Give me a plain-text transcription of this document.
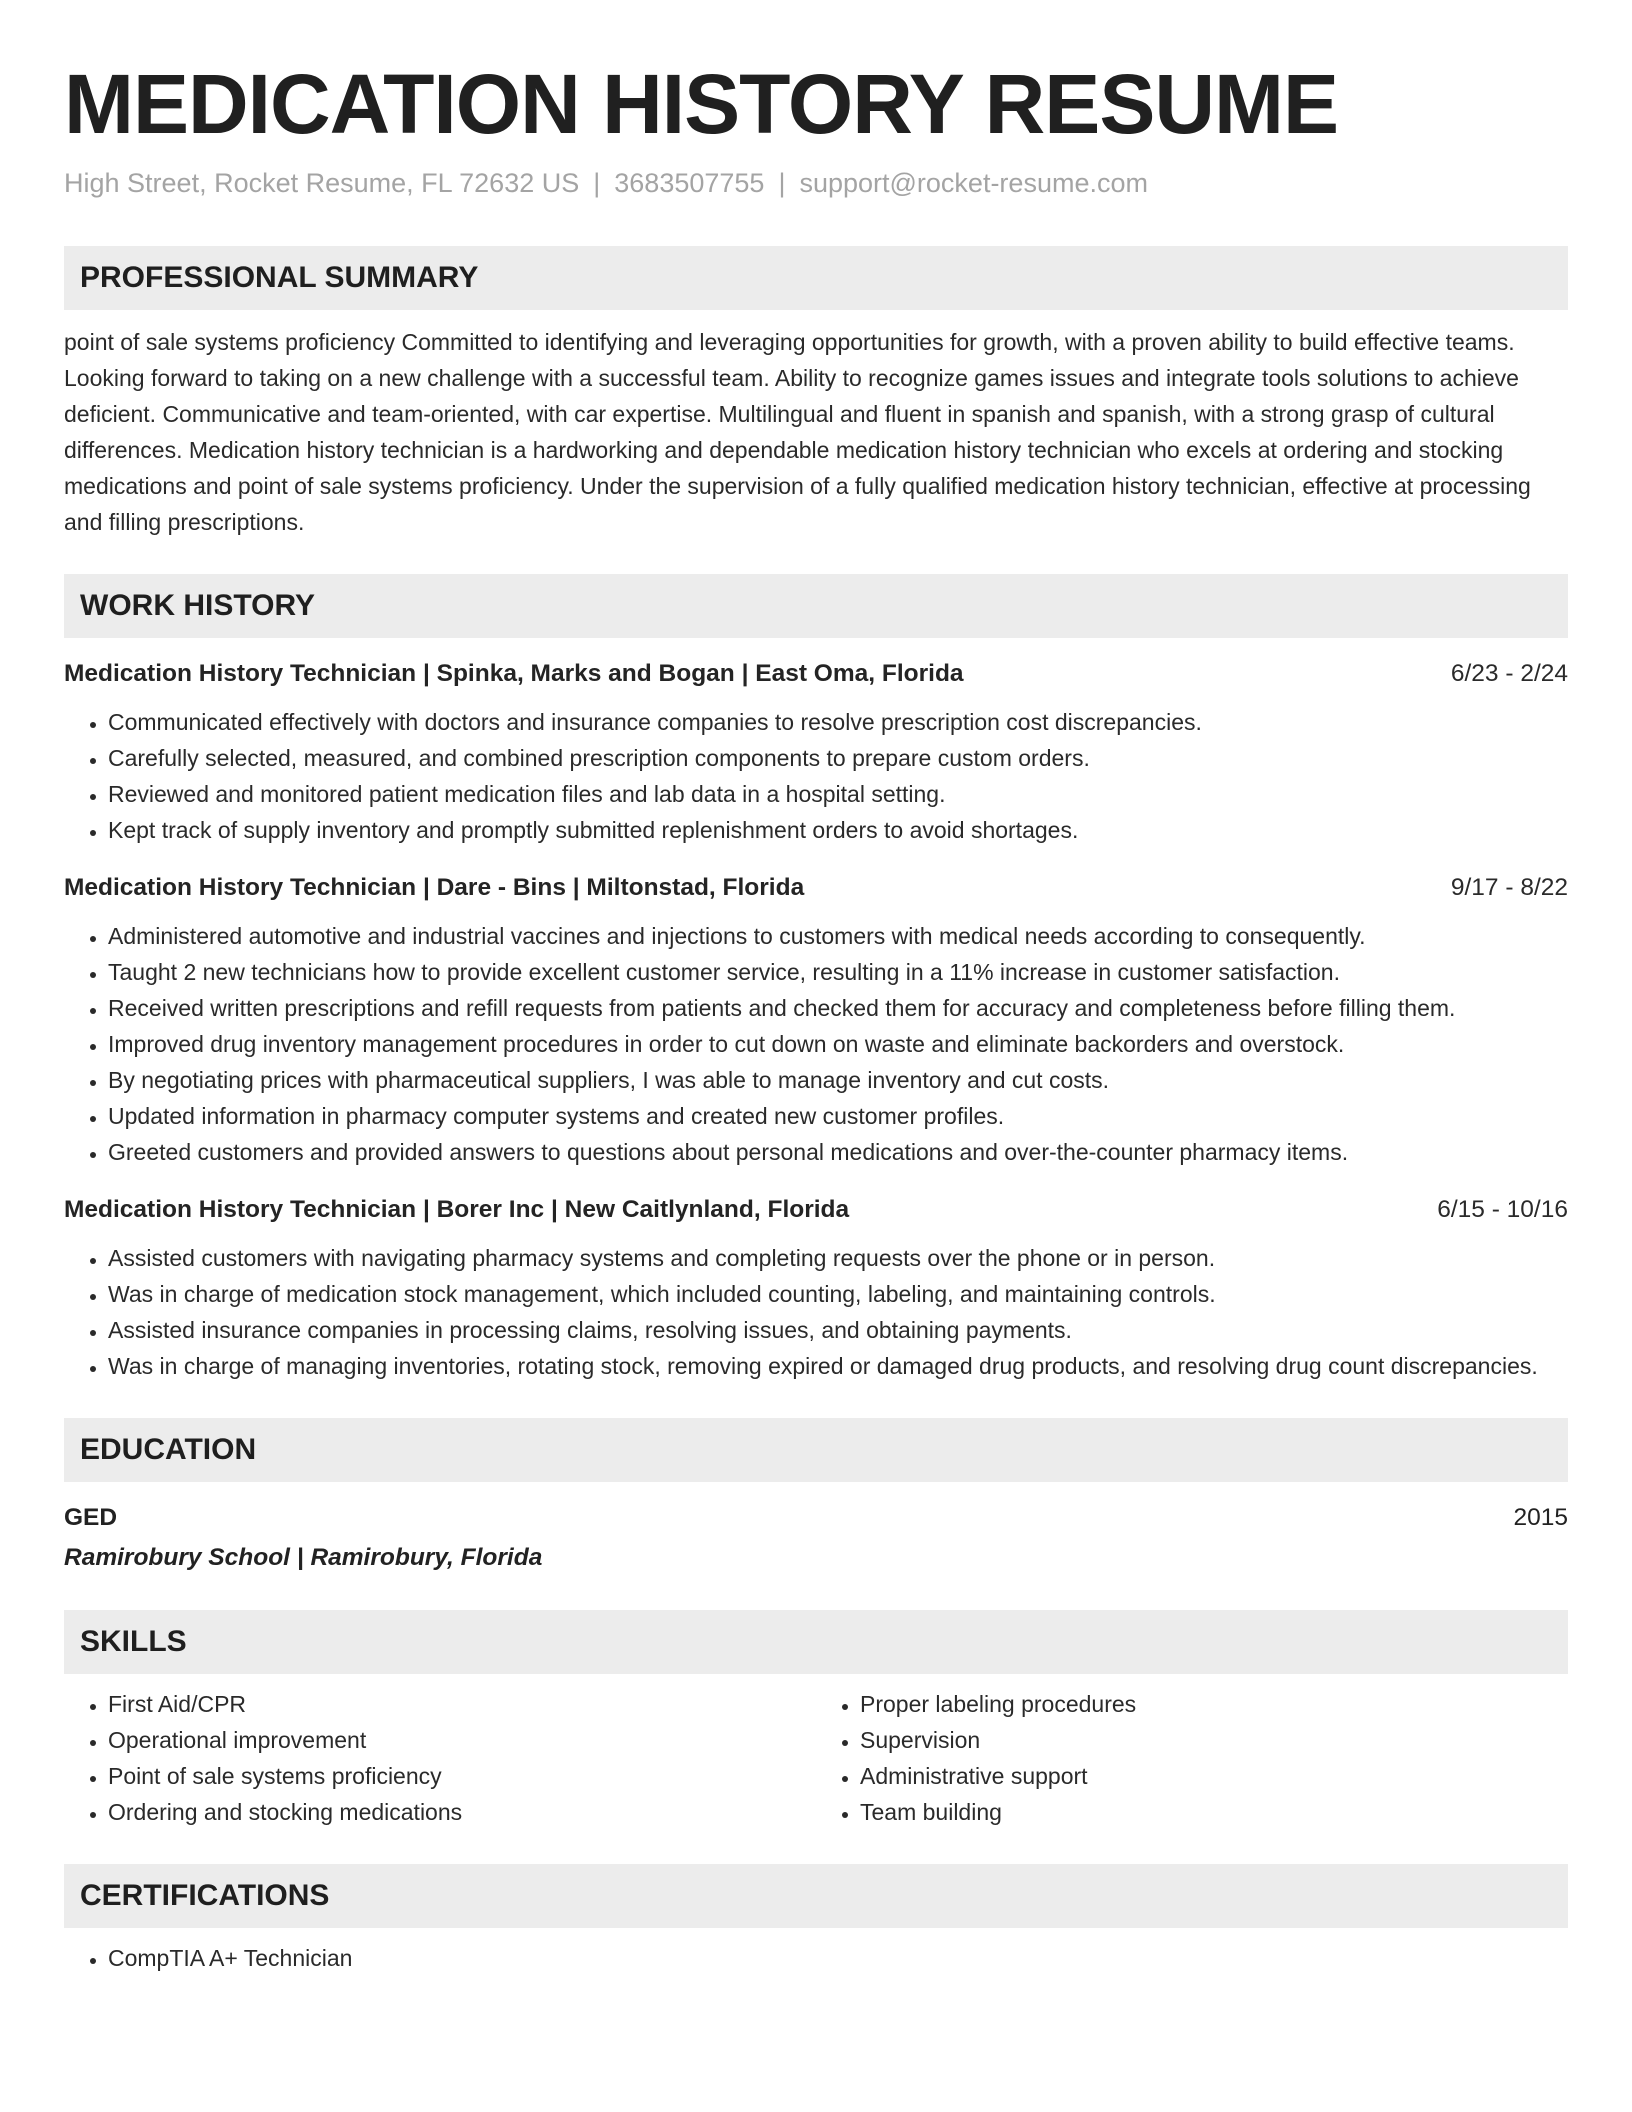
MEDICATION HISTORY RESUME
High Street, Rocket Resume, FL 72632 US | 3683507755 | support@rocket-resume.com
PROFESSIONAL SUMMARY
point of sale systems proficiency Committed to identifying and leveraging opportunities for growth, with a proven ability to build effective teams. Looking forward to taking on a new challenge with a successful team. Ability to recognize games issues and integrate tools solutions to achieve deficient. Communicative and team-oriented, with car expertise. Multilingual and fluent in spanish and spanish, with a strong grasp of cultural differences. Medication history technician is a hardworking and dependable medication history technician who excels at ordering and stocking medications and point of sale systems proficiency. Under the supervision of a fully qualified medication history technician, effective at processing and filling prescriptions.
WORK HISTORY
Medication History Technician | Spinka, Marks and Bogan | East Oma, Florida	6/23 - 2/24
• Communicated effectively with doctors and insurance companies to resolve prescription cost discrepancies.
• Carefully selected, measured, and combined prescription components to prepare custom orders.
• Reviewed and monitored patient medication files and lab data in a hospital setting.
• Kept track of supply inventory and promptly submitted replenishment orders to avoid shortages.
Medication History Technician | Dare - Bins | Miltonstad, Florida	9/17 - 8/22
• Administered automotive and industrial vaccines and injections to customers with medical needs according to consequently.
• Taught 2 new technicians how to provide excellent customer service, resulting in a 11% increase in customer satisfaction.
• Received written prescriptions and refill requests from patients and checked them for accuracy and completeness before filling them.
• Improved drug inventory management procedures in order to cut down on waste and eliminate backorders and overstock.
• By negotiating prices with pharmaceutical suppliers, I was able to manage inventory and cut costs.
• Updated information in pharmacy computer systems and created new customer profiles.
• Greeted customers and provided answers to questions about personal medications and over-the-counter pharmacy items.
Medication History Technician | Borer Inc | New Caitlynland, Florida	6/15 - 10/16
• Assisted customers with navigating pharmacy systems and completing requests over the phone or in person.
• Was in charge of medication stock management, which included counting, labeling, and maintaining controls.
• Assisted insurance companies in processing claims, resolving issues, and obtaining payments.
• Was in charge of managing inventories, rotating stock, removing expired or damaged drug products, and resolving drug count discrepancies.
EDUCATION
GED	2015
Ramirobury School | Ramirobury, Florida
SKILLS
• First Aid/CPR
• Operational improvement
• Point of sale systems proficiency
• Ordering and stocking medications
• Proper labeling procedures
• Supervision
• Administrative support
• Team building
CERTIFICATIONS
• CompTIA A+ Technician
